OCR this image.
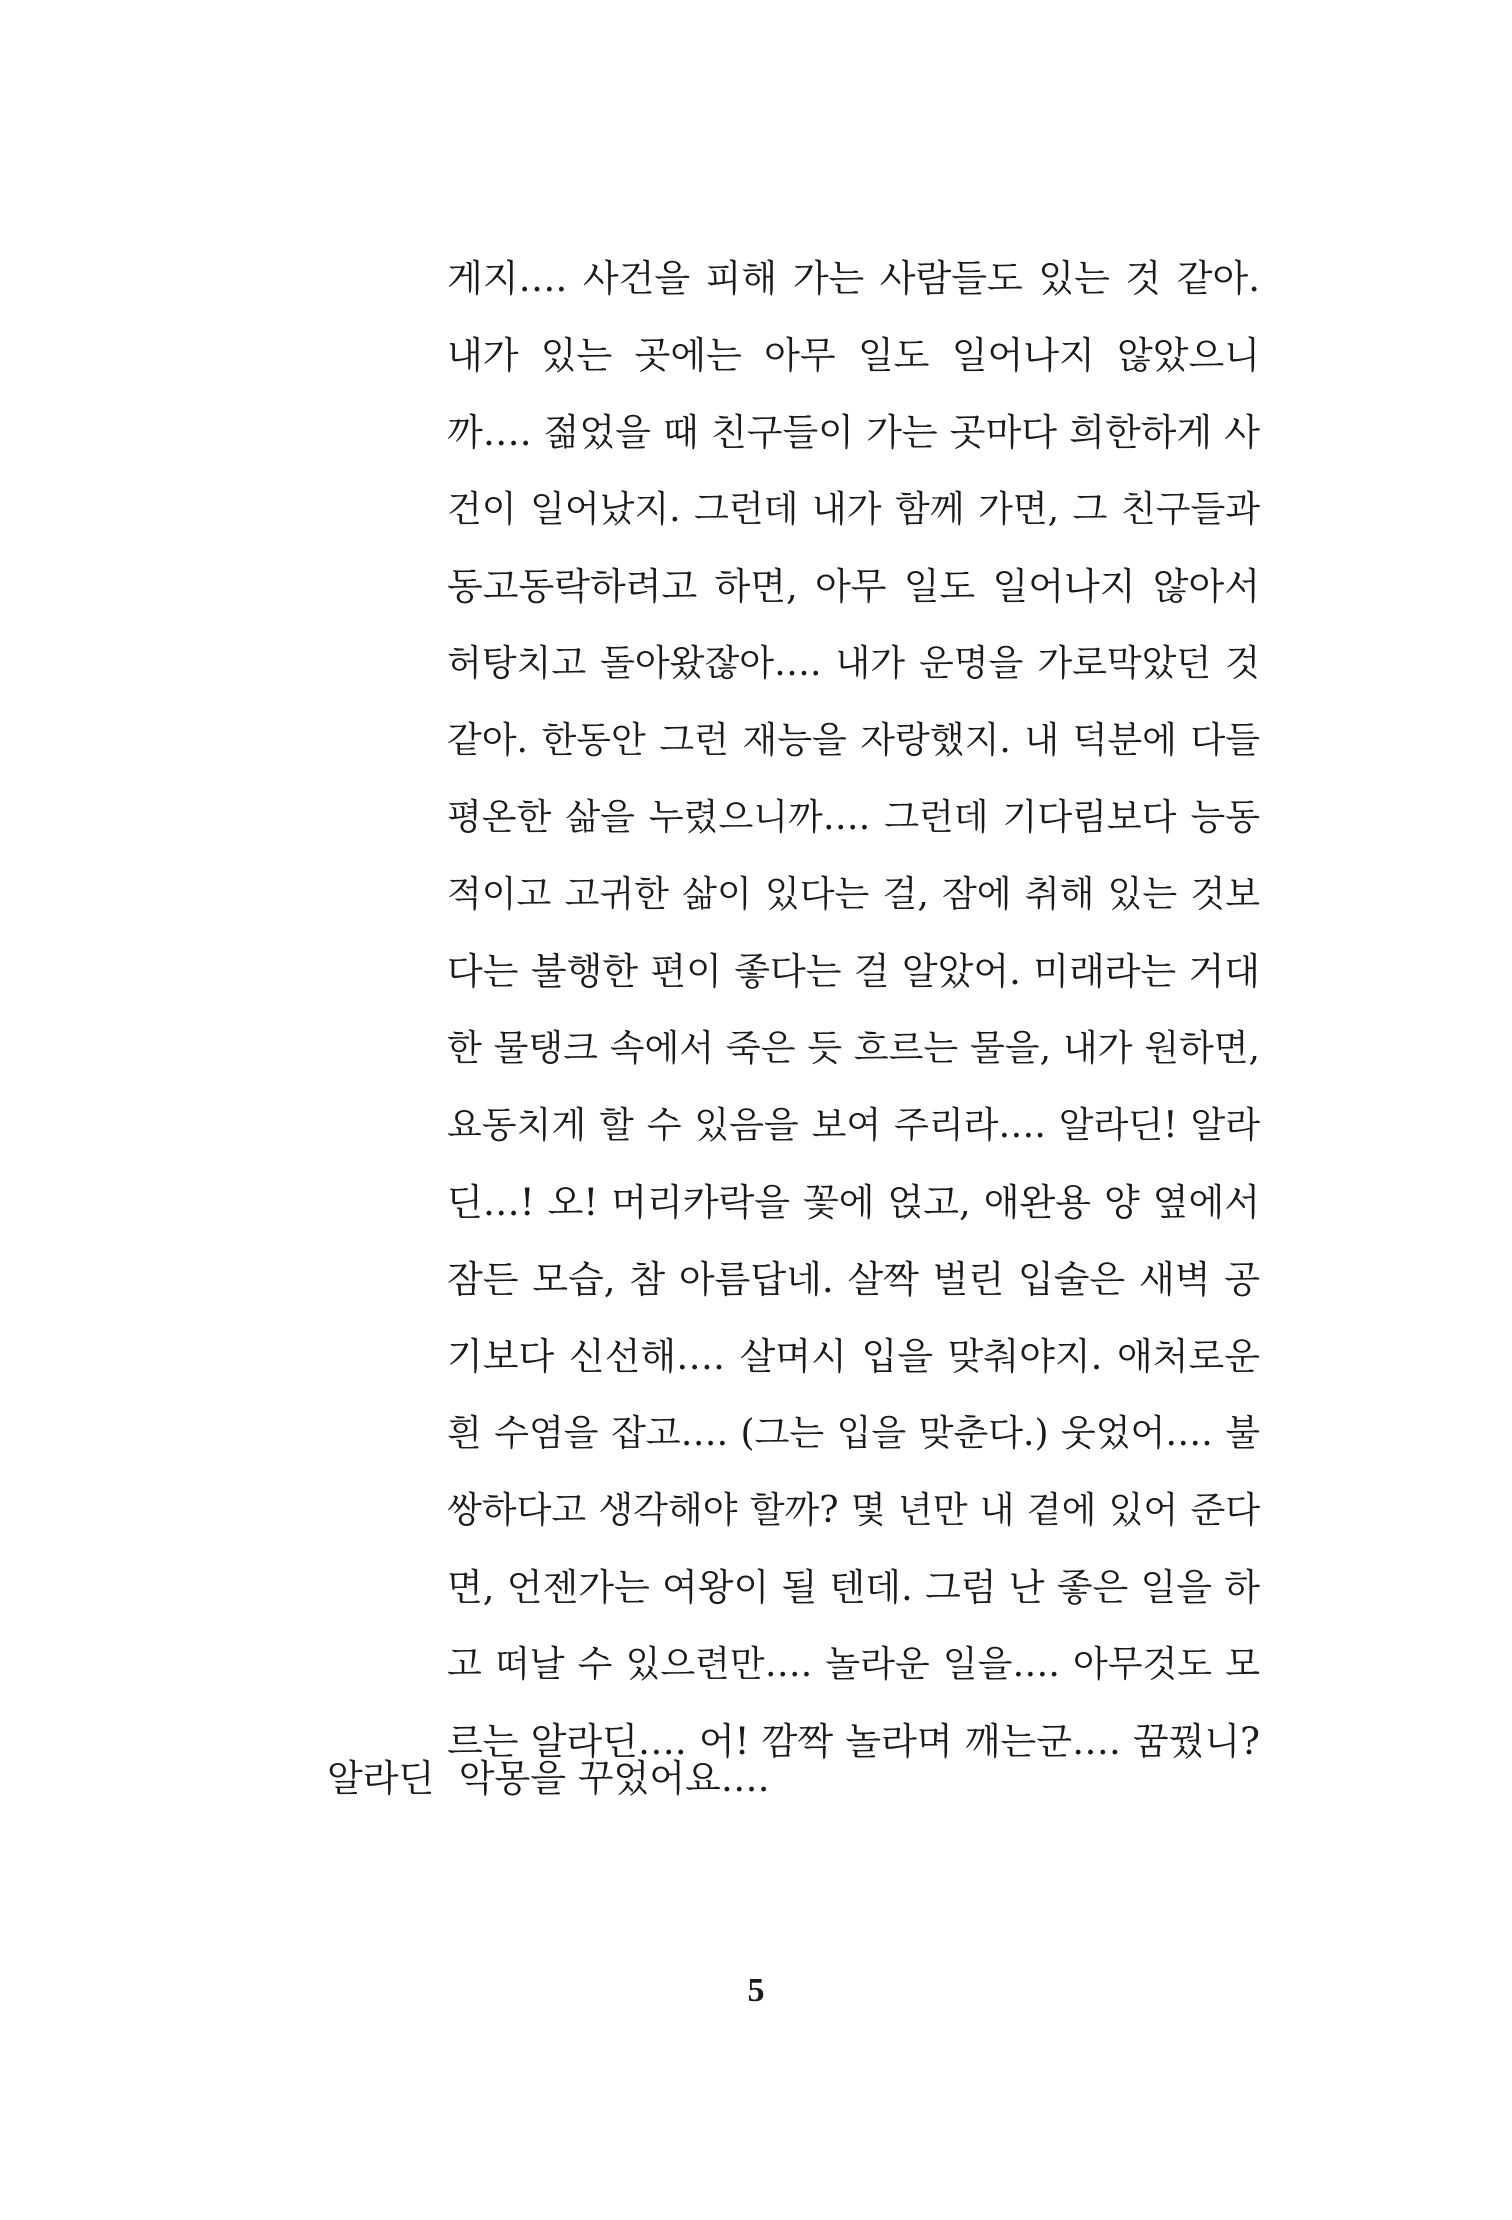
게지…. 사건을 피해 가는 사람들도 있는 것 같아.
내가 있는 곳에는 아무 일도 일어나지 않았으니
까…. 젊었을 때 친구들이 가는 곳마다 희한하게 사
건이 일어났지. 그런데 내가 함께 가면, 그 친구들과
동고동락하려고 하면, 아무 일도 일어나지 않아서
허탕치고 돌아왔잖아…. 내가 운명을 가로막았던 것
같아. 한동안 그런 재능을 자랑했지. 내 덕분에 다들
평온한 삶을 누렸으니까…. 그런데 기다림보다 능동
적이고 고귀한 삶이 있다는 걸, 잠에 취해 있는 것보
다는 불행한 편이 좋다는 걸 알았어. 미래라는 거대
한 물탱크 속에서 죽은 듯 흐르는 물을, 내가 원하면,
요동치게 할 수 있음을 보여 주리라…. 알라딘! 알라
딘…! 오! 머리카락을 꽃에 얹고, 애완용 양 옆에서
잠든 모습, 참 아름답네. 살짝 벌린 입술은 새벽 공
기보다 신선해…. 살며시 입을 맞춰야지. 애처로운
흰 수염을 잡고…. (그는 입을 맞춘다.) 웃었어…. 불
쌍하다고 생각해야 할까? 몇 년만 내 곁에 있어 준다
면, 언젠가는 여왕이 될 텐데. 그럼 난 좋은 일을 하
고 떠날 수 있으련만…. 놀라운 일을…. 아무것도 모
르는 알라딘…. 어! 깜짝 놀라며 깨는군…. 꿈꿨니?
알라딘 악몽을 꾸었어요….
5
